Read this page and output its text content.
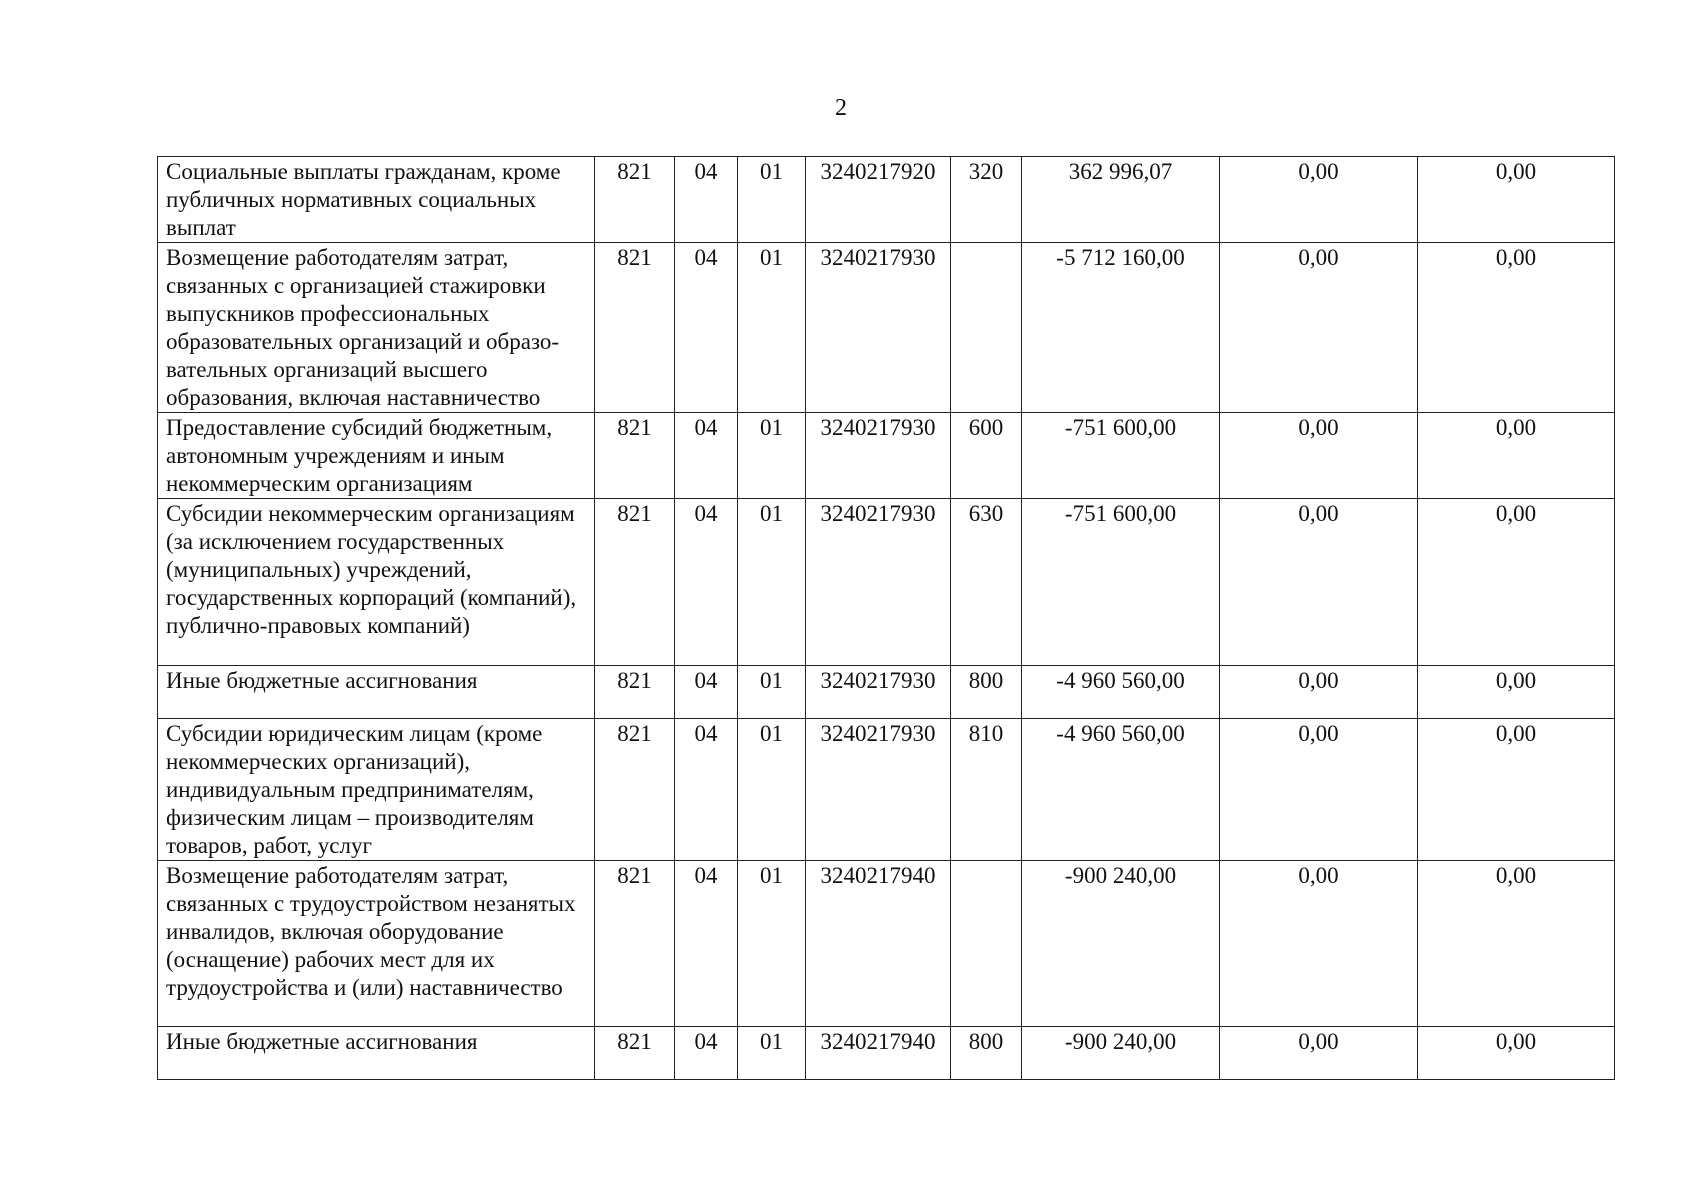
2
Социальные выплаты гражданам, кроме публичных нормативных социальных выплат	821	04	01	3240217920	320	362 996,07	0,00	0,00
Возмещение работодателям затрат, связанных с организацией стажировки выпускников профессиональных образовательных организаций и образо-вательных организаций высшего образования, включая наставничество	821	04	01	3240217930		-5 712 160,00	0,00	0,00
Предоставление субсидий бюджетным, автономным учреждениям и иным некоммерческим организациям	821	04	01	3240217930	600	-751 600,00	0,00	0,00
Субсидии некоммерческим организациям (за исключением государственных (муниципальных) учреждений, государственных корпораций (компаний), публично-правовых компаний)	821	04	01	3240217930	630	-751 600,00	0,00	0,00
Иные бюджетные ассигнования	821	04	01	3240217930	800	-4 960 560,00	0,00	0,00
Субсидии юридическим лицам (кроме некоммерческих организаций), индивидуальным предпринимателям, физическим лицам – производителям товаров, работ, услуг	821	04	01	3240217930	810	-4 960 560,00	0,00	0,00
Возмещение работодателям затрат, связанных с трудоустройством незанятых инвалидов, включая оборудование (оснащение) рабочих мест для их трудоустройства и (или) наставничество	821	04	01	3240217940		-900 240,00	0,00	0,00
Иные бюджетные ассигнования	821	04	01	3240217940	800	-900 240,00	0,00	0,00
